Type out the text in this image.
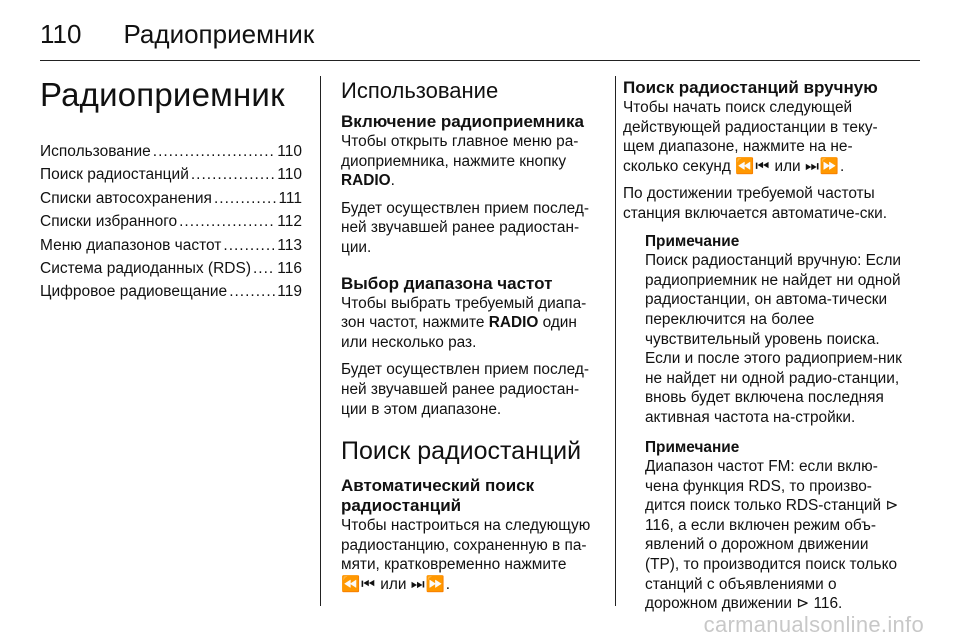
110 Радиоприемник
Радиоприемник
Использование .....	110
Поиск радиостанций .....	110
Списки автосохранения .....	111
Списки избранного .....	112
Меню диапазонов частот .....	113
Система радиоданных (RDS) ..... 116
Цифровое радиовещание .....	119
Использование
Включение радиоприемника

Чтобы открыть главное меню ра-диоприемника, нажмите кнопку RADIO.

Будет осуществлен прием послед-ней звучавшей ранее радиостан-ции.

Выбор диапазона частот

Чтобы выбрать требуемый диапа-зон частот, нажмите RADIO один или несколько раз.

Будет осуществлен прием послед-ней звучавшей ранее радиостан-ции в этом диапазоне.

Поиск радиостанций
Автоматический поиск радиостанций

Чтобы настроиться на следующую радиостанцию, сохраненную в па-мяти, кратковременно нажмите ⏪⏮ или ⏭⏩.

Поиск радиостанций вручную

Чтобы начать поиск следующей действующей радиостанции в теку-щем диапазоне, нажмите на не-сколько секунд ⏪⏮ или ⏭⏩.

По достижении требуемой частоты станция включается автоматиче-ски.

Примечание

Поиск радиостанций вручную: Если радиоприемник не найдет ни одной радиостанции, он автома-тически переключится на более чувствительный уровень поиска. Если и после этого радиоприем-ник не найдет ни одной радио-станции, вновь будет включена последняя активная частота на-стройки.

Примечание

Диапазон частот FM: если вклю-чена функция RDS, то произво-дится поиск только RDS-станций ⊳ 116, а если включен режим объ-явлений о дорожном движении (TP), то производится поиск только станций с объявлениями о дорожном движении ⊳ 116.

carmanualsonline.info
